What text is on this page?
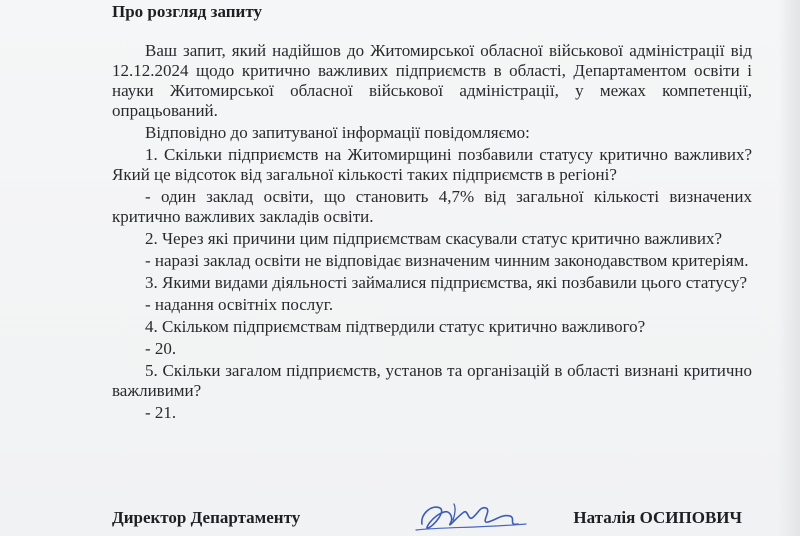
Про розгляд запиту

Ваш запит, який надійшов до Житомирської обласної військової адміністрації від 12.12.2024 щодо критично важливих підприємств в області, Департаментом освіти і науки Житомирської обласної військової адміністрації, у межах компетенції, опрацьований.

Відповідно до запитуваної інформації повідомляємо:

1. Скільки підприємств на Житомирщині позбавили статусу критично важливих? Який це відсоток від загальної кількості таких підприємств в регіоні?

- один заклад освіти, що становить 4,7% від загальної кількості визначених критично важливих закладів освіти.

2. Через які причини цим підприємствам скасували статус критично важливих?

- наразі заклад освіти не відповідає визначеним чинним законодавством критеріям.

3. Якими видами діяльності займалися підприємства, які позбавили цього статусу?

- надання освітніх послуг.

4. Скільком підприємствам підтвердили статус критично важливого?

- 20.

5. Скільки загалом підприємств, установ та організацій в області визнані критично важливими?

- 21.

Директор Департаменту	Наталія ОСИПОВИЧ
